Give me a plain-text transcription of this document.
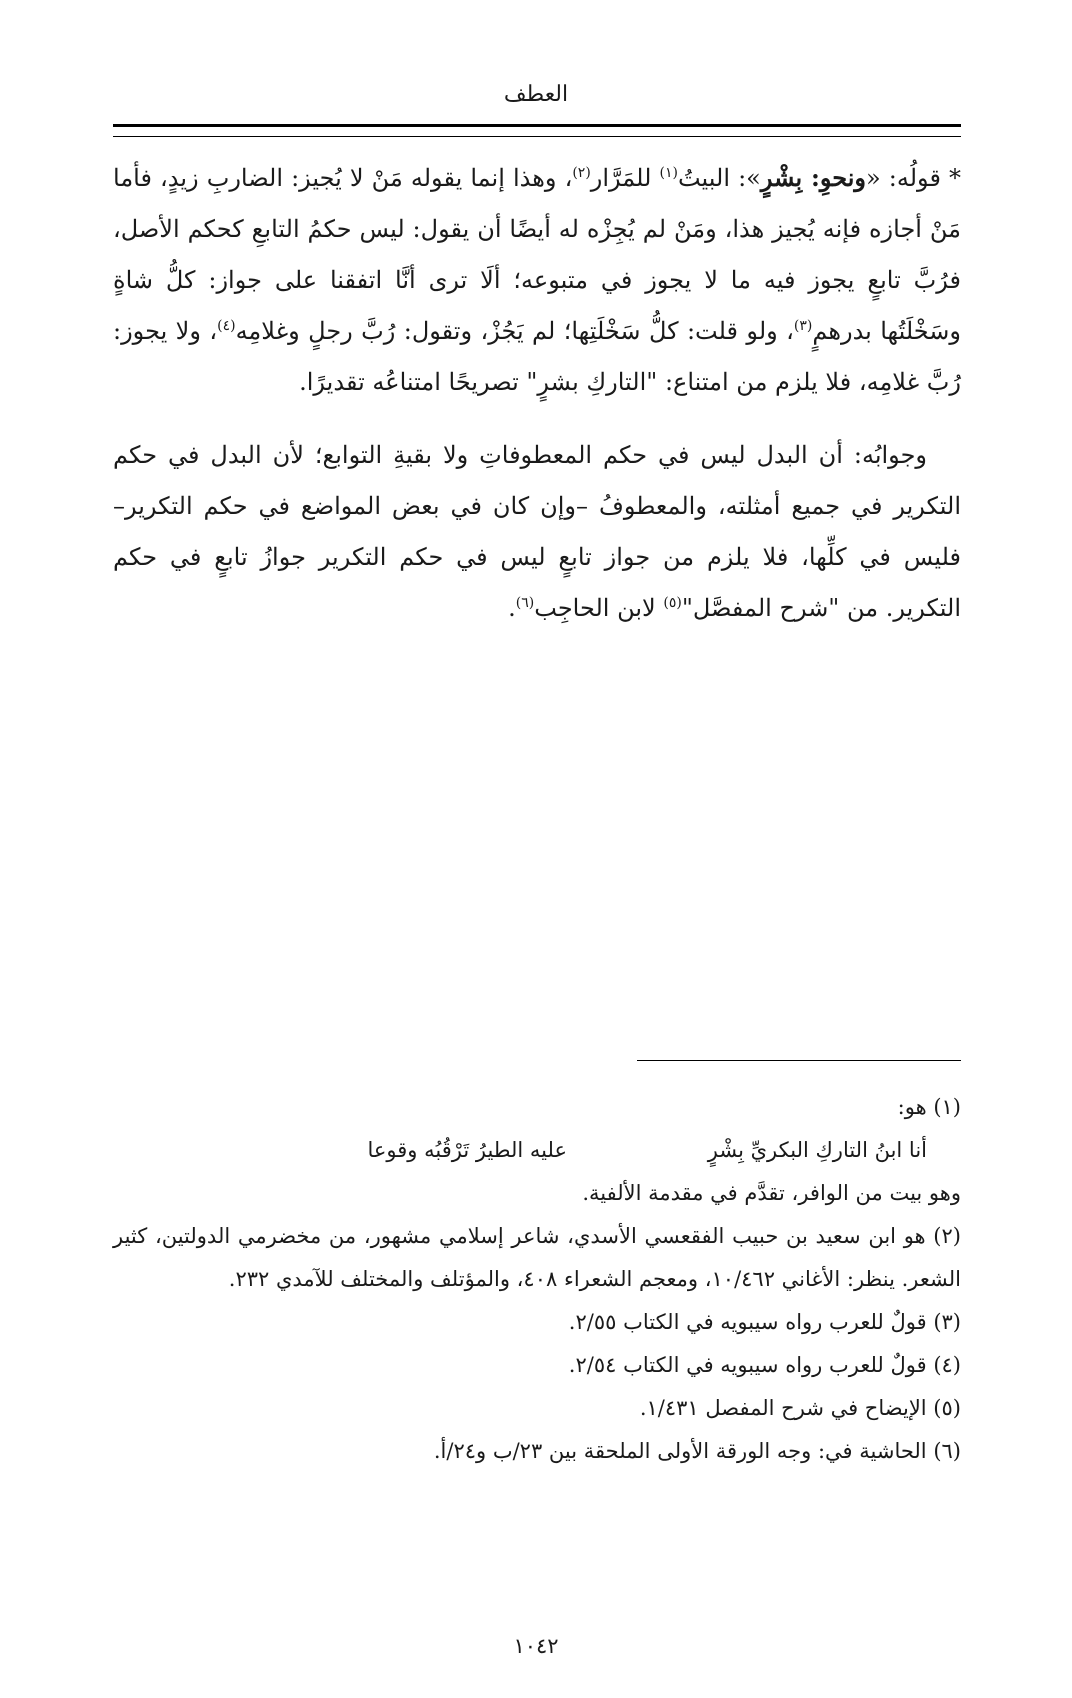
العطف

* قولُه: «ونحوِ: بِشْرٍ»: البيتُ$^{(١)}$ للمَرَّار$^{(٢)}$، وهذا إنما يقوله مَنْ لا يُجيز: الضاربِ زيدٍ، فأما مَنْ أجازه فإنه يُجيز هذا، ومَنْ لم يُجِزْه له أيضًا أن يقول: ليس حكمُ التابعِ كحكم الأصل، فرُبَّ تابعٍ يجوز فيه ما لا يجوز في متبوعه؛ ألَا ترى أنَّا اتفقنا على جواز: كلُّ شاةٍ وسَخْلَتُها بدرهمٍ$^{(٣)}$، ولو قلت: كلُّ سَخْلَتِها؛ لم يَجُزْ، وتقول: رُبَّ رجلٍ وغلامِه$^{(٤)}$، ولا يجوز: رُبَّ غلامِه، فلا يلزم من امتناع: "التاركِ بشرٍ" تصريحًا امتناعُه تقديرًا.

وجوابُه: أن البدل ليس في حكم المعطوفاتِ ولا بقيةِ التوابع؛ لأن البدل في حكم التكرير في جميع أمثلته، والمعطوفُ –وإن كان في بعض المواضع في حكم التكرير– فليس في كلِّها، فلا يلزم من جواز تابعٍ ليس في حكم التكرير جوازُ تابعٍ في حكم التكرير. من "شرح المفصَّل"$^{(٥)}$ لابن الحاجِب$^{(٦)}$.

(١) هو:

أنا ابنُ التاركِ البكريِّ بِشْرٍ
عليه الطيرُ تَرْقُبُه وقوعا

وهو بيت من الوافر، تقدَّم في مقدمة الألفية.

(٢) هو ابن سعيد بن حبيب الفقعسي الأسدي، شاعر إسلامي مشهور، من مخضرمي الدولتين، كثير الشعر. ينظر: الأغاني ١٠/٤٦٢، ومعجم الشعراء ٤٠٨، والمؤتلف والمختلف للآمدي ٢٣٢.

(٣) قولٌ للعرب رواه سيبويه في الكتاب ٢/٥٥.

(٤) قولٌ للعرب رواه سيبويه في الكتاب ٢/٥٤.

(٥) الإيضاح في شرح المفصل ١/٤٣١.

(٦) الحاشية في: وجه الورقة الأولى الملحقة بين ٢٣/ب و٢٤/أ.

١٠٤٢
